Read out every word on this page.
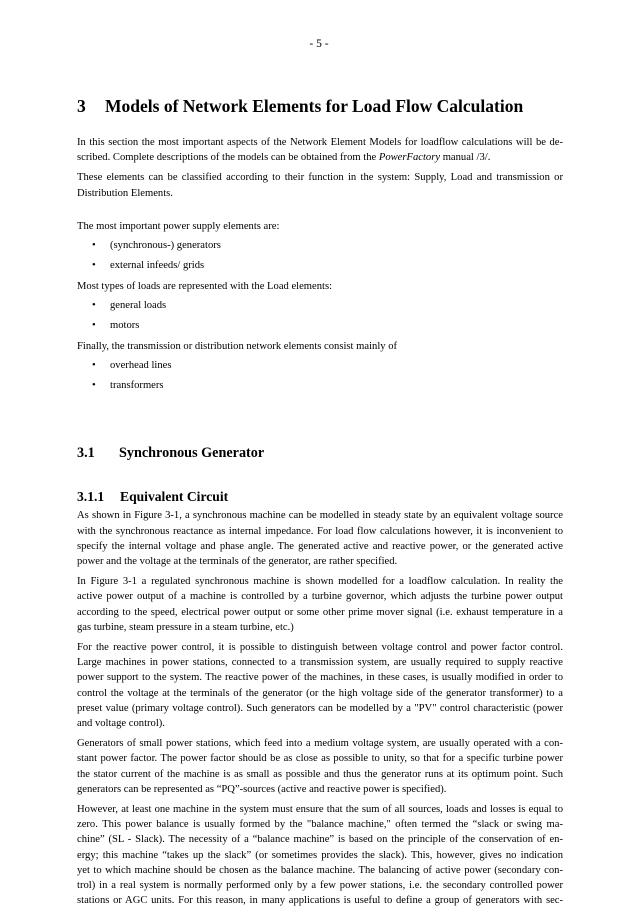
- 5 -
3 Models of Network Elements for Load Flow Calculation

In this section the most important aspects of the Network Element Models for loadflow calculations will be de-
scribed. Complete descriptions of the models can be obtained from the PowerFactory manual /3/.

These elements can be classified according to their function in the system: Supply, Load and transmission or
Distribution Elements.

The most important power supply elements are:

• (synchronous-) generators
• external infeeds/ grids

Most types of loads are represented with the Load elements:

• general loads
• motors

Finally, the transmission or distribution network elements consist mainly of

• overhead lines
• transformers
3.1 Synchronous Generator
3.1.1 Equivalent Circuit

As shown in Figure 3-1, a synchronous machine can be modelled in steady state by an equivalent voltage source
with the synchronous reactance as internal impedance. For load flow calculations however, it is inconvenient to
specify the internal voltage and phase angle. The generated active and reactive power, or the generated active
power and the voltage at the terminals of the generator, are rather specified.

In Figure 3-1 a regulated synchronous machine is shown modelled for a loadflow calculation. In reality the
active power output of a machine is controlled by a turbine governor, which adjusts the turbine power output
according to the speed, electrical power output or some other prime mover signal (i.e. exhaust temperature in a
gas turbine, steam pressure in a steam turbine, etc.)

For the reactive power control, it is possible to distinguish between voltage control and power factor control.
Large machines in power stations, connected to a transmission system, are usually required to supply reactive
power support to the system. The reactive power of the machines, in these cases, is usually modified in order to
control the voltage at the terminals of the generator (or the high voltage side of the generator transformer) to a
preset value (primary voltage control). Such generators can be modelled by a "PV" control characteristic (power
and voltage control).

Generators of small power stations, which feed into a medium voltage system, are usually operated with a con-
stant power factor. The power factor should be as close as possible to unity, so that for a specific turbine power
the stator current of the machine is as small as possible and thus the generator runs at its optimum point. Such
generators can be represented as “PQ”-sources (active and reactive power is specified).

However, at least one machine in the system must ensure that the sum of all sources, loads and losses is equal to
zero. This power balance is usually formed by the "balance machine," often termed the “slack or swing ma-
chine” (SL - Slack). The necessity of a “balance machine” is based on the principle of the conservation of en-
ergy; this machine “takes up the slack” (or sometimes provides the slack). This, however, gives no indication
yet to which machine should be chosen as the balance machine. The balancing of active power (secondary con-
trol) in a real system is normally performed only by a few power stations, i.e. the secondary controlled power
stations or AGC units. For this reason, in many applications is useful to define a group of generators with sec-
